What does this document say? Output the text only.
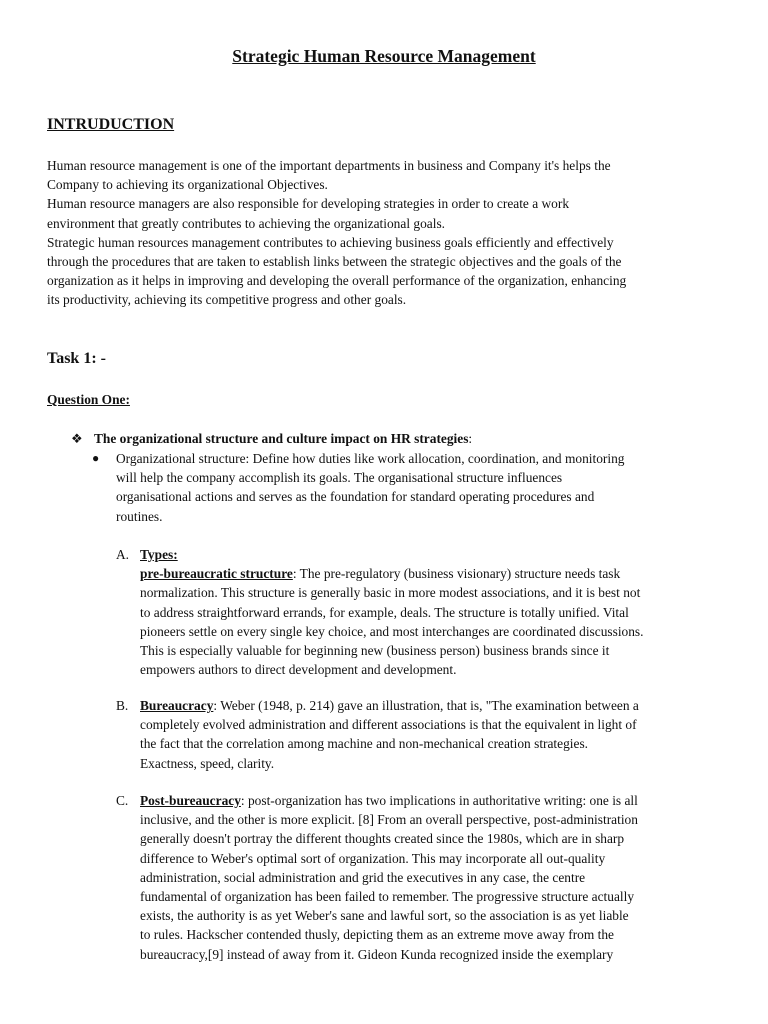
Strategic Human Resource Management
INTRUDUCTION
Human resource management is one of the important departments in business and Company it's helps the
Company to achieving its organizational Objectives.
Human resource managers are also responsible for developing strategies in order to create a work
environment that greatly contributes to achieving the organizational goals.
Strategic human resources management contributes to achieving business goals efficiently and effectively
through the procedures that are taken to establish links between the strategic objectives and the goals of the
organization as it helps in improving and developing the overall performance of the organization, enhancing
its productivity, achieving its competitive progress and other goals.
Task 1: -
Question One:
❖ The organizational structure and culture impact on HR strategies:
● Organizational structure: Define how duties like work allocation, coordination, and monitoring
will help the company accomplish its goals. The organisational structure influences
organisational actions and serves as the foundation for standard operating procedures and
routines.
A. Types:
pre-bureaucratic structure: The pre-regulatory (business visionary) structure needs task
normalization. This structure is generally basic in more modest associations, and it is best not
to address straightforward errands, for example, deals. The structure is totally unified. Vital
pioneers settle on every single key choice, and most interchanges are coordinated discussions.
This is especially valuable for beginning new (business person) business brands since it
empowers authors to direct development and development.
B. Bureaucracy: Weber (1948, p. 214) gave an illustration, that is, "The examination between a
completely evolved administration and different associations is that the equivalent in light of
the fact that the correlation among machine and non-mechanical creation strategies.
Exactness, speed, clarity.
C. Post-bureaucracy: post-organization has two implications in authoritative writing: one is all
inclusive, and the other is more explicit. [8] From an overall perspective, post-administration
generally doesn't portray the different thoughts created since the 1980s, which are in sharp
difference to Weber's optimal sort of organization. This may incorporate all out-quality
administration, social administration and grid the executives in any case, the centre
fundamental of organization has been failed to remember. The progressive structure actually
exists, the authority is as yet Weber's sane and lawful sort, so the association is as yet liable
to rules. Hackscher contended thusly, depicting them as an extreme move away from the
bureaucracy,[9] instead of away from it. Gideon Kunda recognized inside the exemplary
